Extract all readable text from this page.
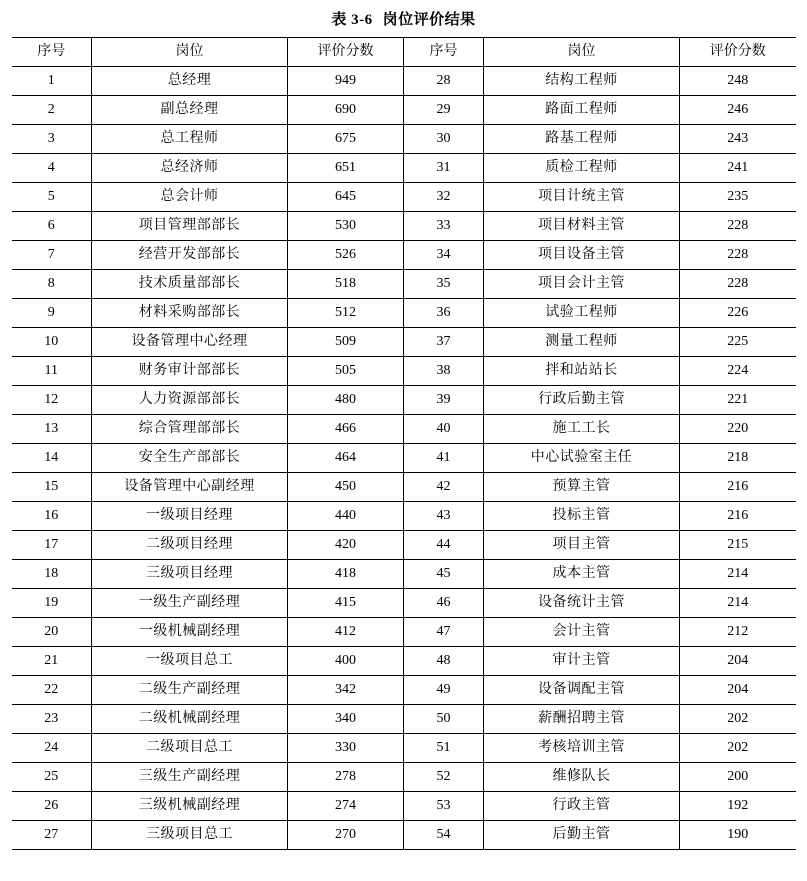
表 3-6 岗位评价结果
序号	岗位	评价分数	序号	岗位	评价分数
1	总经理	949	28	结构工程师	248
2	副总经理	690	29	路面工程师	246
3	总工程师	675	30	路基工程师	243
4	总经济师	651	31	质检工程师	241
5	总会计师	645	32	项目计统主管	235
6	项目管理部部长	530	33	项目材料主管	228
7	经营开发部部长	526	34	项目设备主管	228
8	技术质量部部长	518	35	项目会计主管	228
9	材料采购部部长	512	36	试验工程师	226
10	设备管理中心经理	509	37	测量工程师	225
11	财务审计部部长	505	38	拌和站站长	224
12	人力资源部部长	480	39	行政后勤主管	221
13	综合管理部部长	466	40	施工工长	220
14	安全生产部部长	464	41	中心试验室主任	218
15	设备管理中心副经理	450	42	预算主管	216
16	一级项目经理	440	43	投标主管	216
17	二级项目经理	420	44	项目主管	215
18	三级项目经理	418	45	成本主管	214
19	一级生产副经理	415	46	设备统计主管	214
20	一级机械副经理	412	47	会计主管	212
21	一级项目总工	400	48	审计主管	204
22	二级生产副经理	342	49	设备调配主管	204
23	二级机械副经理	340	50	薪酬招聘主管	202
24	二级项目总工	330	51	考核培训主管	202
25	三级生产副经理	278	52	维修队长	200
26	三级机械副经理	274	53	行政主管	192
27	三级项目总工	270	54	后勤主管	190
